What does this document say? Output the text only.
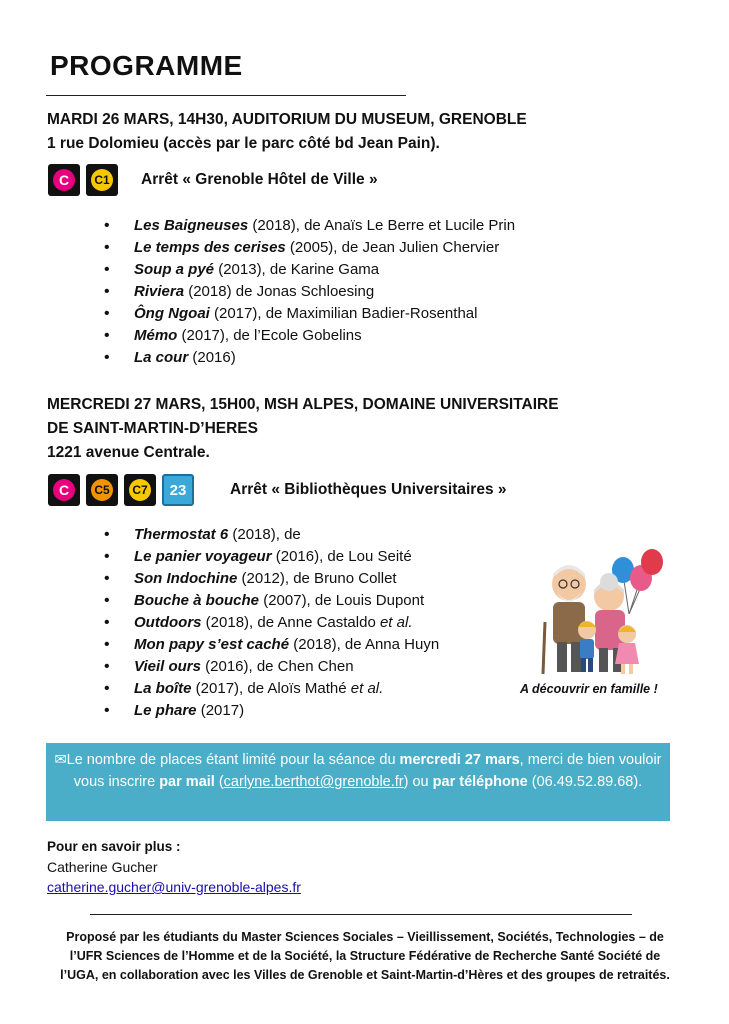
PROGRAMME
MARDI 26 MARS, 14H30, AUDITORIUM DU MUSEUM, GRENOBLE
1 rue Dolomieu (accès par le parc côté bd Jean Pain).
C	C1 Arrêt « Grenoble Hôtel de Ville »
• Les Baigneuses (2018), de Anaïs Le Berre et Lucile Prin
• Le temps des cerises (2005), de Jean Julien Chervier
• Soup a pyé (2013), de Karine Gama
• Riviera (2018) de Jonas Schloesing
• Ông Ngoai (2017), de Maximilian Badier-Rosenthal
• Mémo (2017), de l’Ecole Gobelins
• La cour (2016)
MERCREDI 27 MARS, 15H00, MSH ALPES, DOMAINE UNIVERSITAIRE
DE SAINT-MARTIN-D’HERES
1221 avenue Centrale.
C	C5 C7	23	Arrêt « Bibliothèques Universitaires »
• Thermostat 6 (2018), de
• Le panier voyageur (2016), de Lou Seité
• Son Indochine (2012), de Bruno Collet
• Bouche à bouche (2007), de Louis Dupont
• Outdoors (2018), de Anne Castaldo et al.
• Mon papy s’est caché (2018), de Anna Huyn
• Vieil ours (2016), de Chen Chen
• La boîte (2017), de Aloïs Mathé et al.
• Le phare (2017)
A découvrir en famille !
✉Le nombre de places étant limité pour la séance du mercredi 27 mars, merci de bien vouloir vous inscrire par mail (carlyne.berthot@grenoble.fr) ou par téléphone (06.49.52.89.68).
Pour en savoir plus :
Catherine Gucher
catherine.gucher@univ-grenoble-alpes.fr
Proposé par les étudiants du Master Sciences Sociales – Vieillissement, Sociétés, Technologies – de l’UFR Sciences de l’Homme et de la Société, la Structure Fédérative de Recherche Santé Société de l’UGA, en collaboration avec les Villes de Grenoble et Saint-Martin-d’Hères et des groupes de retraités.
